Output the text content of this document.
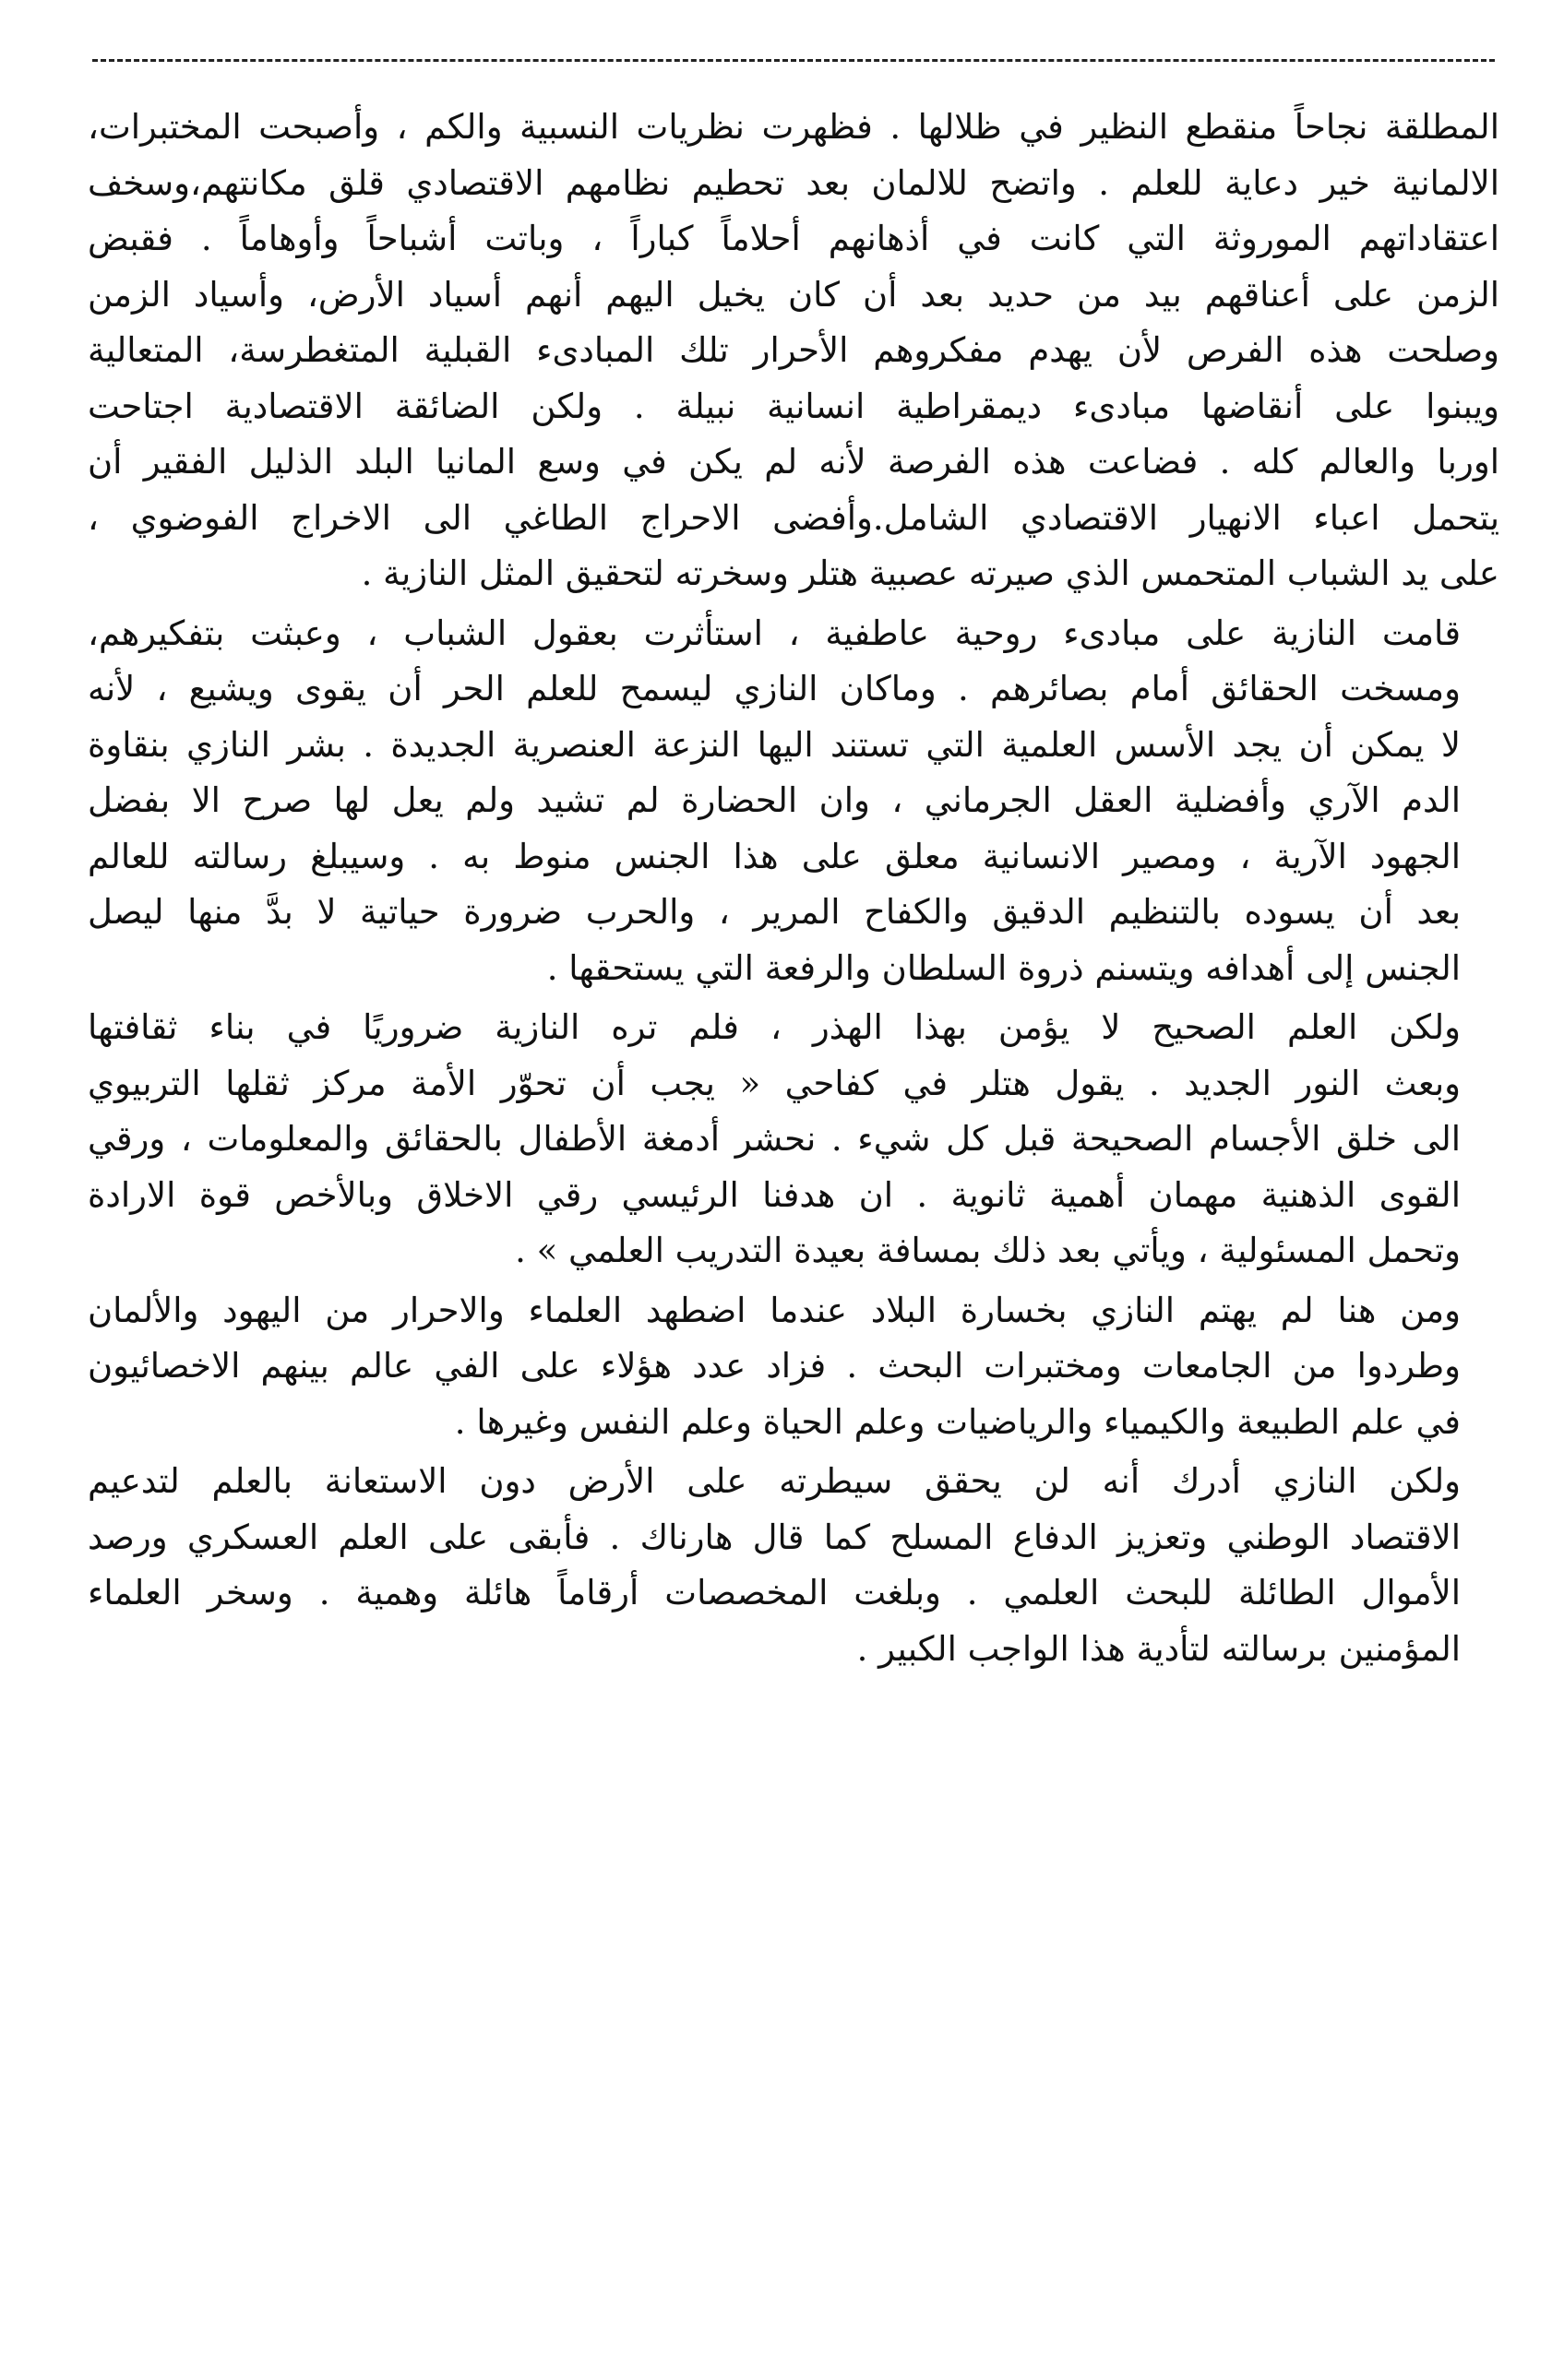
المطلقة نجاحاً منقطع النظير في ظلالها . فظهرت نظريات النسبية والكم ، وأصبحت المختبرات،
الالمانية خير دعاية للعلم . واتضح للالمان بعد تحطيم نظامهم الاقتصادي قلق مكانتهم،وسخف
اعتقاداتهم الموروثة التي كانت في أذهانهم أحلاماً كباراً ، وباتت أشباحاً وأوهاماً . فقبض
الزمن على أعناقهم بيد من حديد بعد أن كان يخيل اليهم أنهم أسياد الأرض، وأسياد الزمن
وصلحت هذه الفرص لأن يهدم مفكروهم الأحرار تلك المبادىء القبلية المتغطرسة، المتعالية
ويبنوا على أنقاضها مبادىء ديمقراطية انسانية نبيلة . ولكن الضائقة الاقتصادية اجتاحت
اوربا والعالم كله . فضاعت هذه الفرصة لأنه لم يكن في وسع المانيا البلد الذليل الفقير أن
يتحمل اعباء الانهيار الاقتصادي الشامل.وأفضى الاحراج الطاغي الى الاخراج الفوضوي ،
على يد الشباب المتحمس الذي صيرته عصبية هتلر وسخرته لتحقيق المثل النازية .
قامت النازية على مبادىء روحية عاطفية ، استأثرت بعقول الشباب ، وعبثت بتفكيرهم،
ومسخت الحقائق أمام بصائرهم . وماكان النازي ليسمح للعلم الحر أن يقوى ويشيع ، لأنه
لا يمكن أن يجد الأسس العلمية التي تستند اليها النزعة العنصرية الجديدة . بشر النازي بنقاوة
الدم الآري وأفضلية العقل الجرماني ، وان الحضارة لم تشيد ولم يعل لها صرح الا بفضل
الجهود الآرية ، ومصير الانسانية معلق على هذا الجنس منوط به . وسيبلغ رسالته للعالم
بعد أن يسوده بالتنظيم الدقيق والكفاح المرير ، والحرب ضرورة حياتية لا بدَّ منها ليصل
الجنس إلى أهدافه ويتسنم ذروة السلطان والرفعة التي يستحقها .
ولكن العلم الصحيح لا يؤمن بهذا الهذر ، فلم تره النازية ضروريًا في بناء ثقافتها
وبعث النور الجديد . يقول هتلر في كفاحي « يجب أن تحوّر الأمة مركز ثقلها التربيوي
الى خلق الأجسام الصحيحة قبل كل شيء . نحشر أدمغة الأطفال بالحقائق والمعلومات ، ورقي
القوى الذهنية مهمان أهمية ثانوية . ان هدفنا الرئيسي رقي الاخلاق وبالأخص قوة الارادة
وتحمل المسئولية ، ويأتي بعد ذلك بمسافة بعيدة التدريب العلمي » .
ومن هنا لم يهتم النازي بخسارة البلاد عندما اضطهد العلماء والاحرار من اليهود والألمان
وطردوا من الجامعات ومختبرات البحث . فزاد عدد هؤلاء على الفي عالم بينهم الاخصائيون
في علم الطبيعة والكيمياء والرياضيات وعلم الحياة وعلم النفس وغيرها .
ولكن النازي أدرك أنه لن يحقق سيطرته على الأرض دون الاستعانة بالعلم لتدعيم
الاقتصاد الوطني وتعزيز الدفاع المسلح كما قال هارناك . فأبقى على العلم العسكري ورصد
الأموال الطائلة للبحث العلمي . وبلغت المخصصات أرقاماً هائلة وهمية . وسخر العلماء
المؤمنين برسالته لتأدية هذا الواجب الكبير .
